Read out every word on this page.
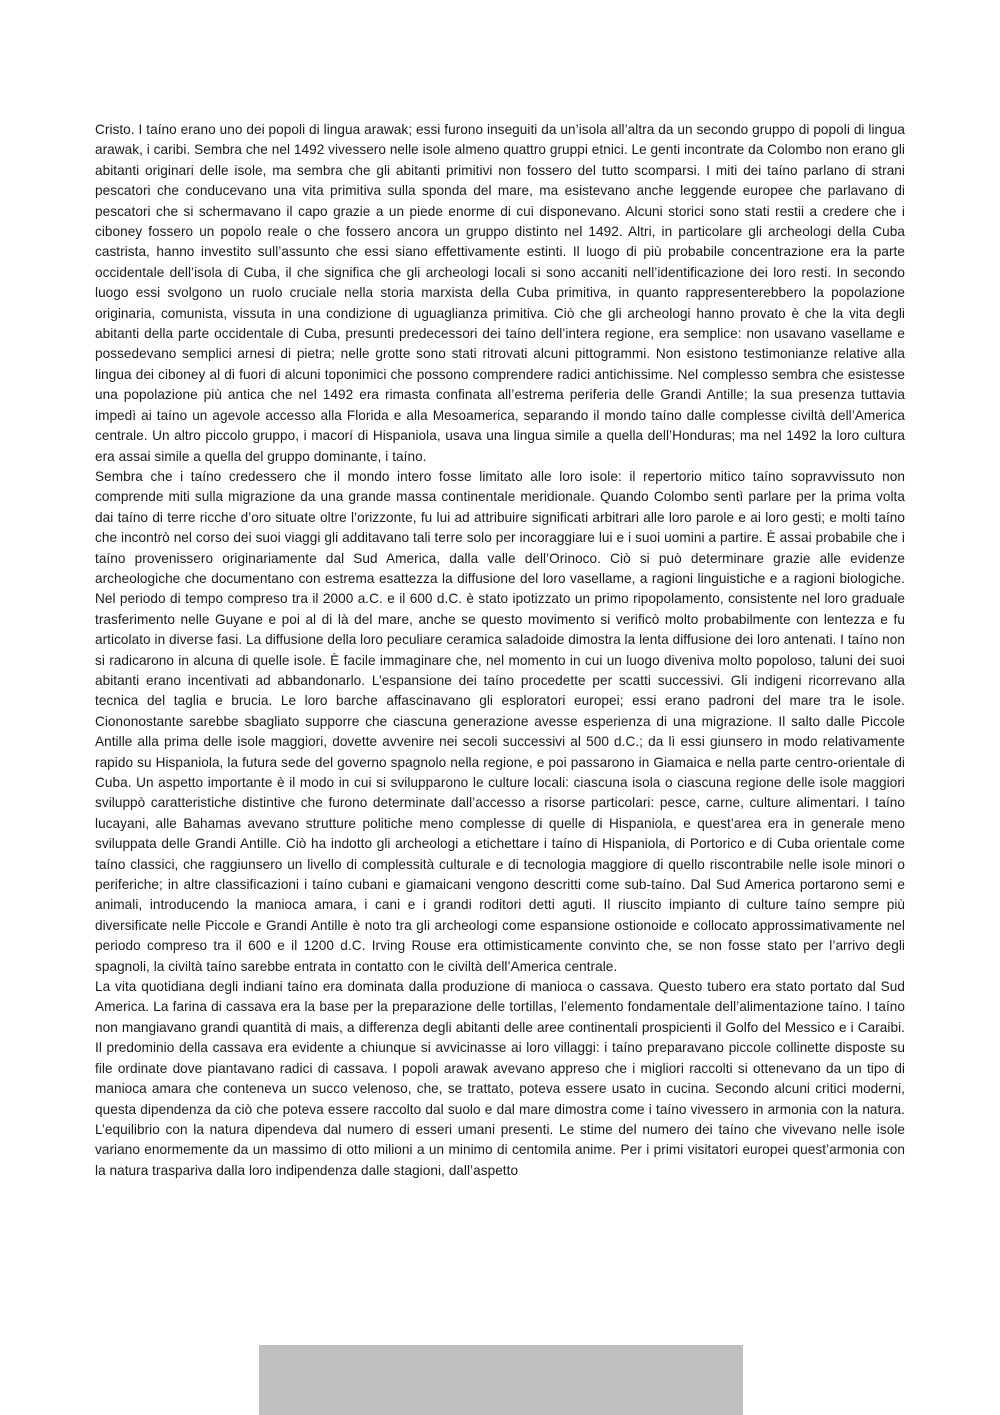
Cristo. I taíno erano uno dei popoli di lingua arawak; essi furono inseguiti da un’isola all’altra da un secondo gruppo di popoli di lingua arawak, i caribi. Sembra che nel 1492 vivessero nelle isole almeno quattro gruppi etnici. Le genti incontrate da Colombo non erano gli abitanti originari delle isole, ma sembra che gli abitanti primitivi non fossero del tutto scomparsi. I miti dei taíno parlano di strani pescatori che conducevano una vita primitiva sulla sponda del mare, ma esistevano anche leggende europee che parlavano di pescatori che si schermavano il capo grazie a un piede enorme di cui disponevano. Alcuni storici sono stati restii a credere che i ciboney fossero un popolo reale o che fossero ancora un gruppo distinto nel 1492. Altri, in particolare gli archeologi della Cuba castrista, hanno investito sull’assunto che essi siano effettivamente estinti. Il luogo di più probabile concentrazione era la parte occidentale dell’isola di Cuba, il che significa che gli archeologi locali si sono accaniti nell’identificazione dei loro resti. In secondo luogo essi svolgono un ruolo cruciale nella storia marxista della Cuba primitiva, in quanto rappresenterebbero la popolazione originaria, comunista, vissuta in una condizione di uguaglianza primitiva. Ciò che gli archeologi hanno provato è che la vita degli abitanti della parte occidentale di Cuba, presunti predecessori dei taíno dell’intera regione, era semplice: non usavano vasellame e possedevano semplici arnesi di pietra; nelle grotte sono stati ritrovati alcuni pittogrammi. Non esistono testimonianze relative alla lingua dei ciboney al di fuori di alcuni toponimici che possono comprendere radici antichissime. Nel complesso sembra che esistesse una popolazione più antica che nel 1492 era rimasta confinata all’estrema periferia delle Grandi Antille; la sua presenza tuttavia impedì ai taíno un agevole accesso alla Florida e alla Mesoamerica, separando il mondo taíno dalle complesse civiltà dell’America centrale. Un altro piccolo gruppo, i macorí di Hispaniola, usava una lingua simile a quella dell’Honduras; ma nel 1492 la loro cultura era assai simile a quella del gruppo dominante, i taíno.

Sembra che i taíno credessero che il mondo intero fosse limitato alle loro isole: il repertorio mitico taíno sopravvissuto non comprende miti sulla migrazione da una grande massa continentale meridionale. Quando Colombo sentì parlare per la prima volta dai taíno di terre ricche d’oro situate oltre l’orizzonte, fu lui ad attribuire significati arbitrari alle loro parole e ai loro gesti; e molti taíno che incontrò nel corso dei suoi viaggi gli additavano tali terre solo per incoraggiare lui e i suoi uomini a partire. È assai probabile che i taíno provenissero originariamente dal Sud America, dalla valle dell’Orinoco. Ciò si può determinare grazie alle evidenze archeologiche che documentano con estrema esattezza la diffusione del loro vasellame, a ragioni linguistiche e a ragioni biologiche. Nel periodo di tempo compreso tra il 2000 a.C. e il 600 d.C. è stato ipotizzato un primo ripopolamento, consistente nel loro graduale trasferimento nelle Guyane e poi al di là del mare, anche se questo movimento si verificò molto probabilmente con lentezza e fu articolato in diverse fasi. La diffusione della loro peculiare ceramica saladoide dimostra la lenta diffusione dei loro antenati. I taíno non si radicarono in alcuna di quelle isole. È facile immaginare che, nel momento in cui un luogo diveniva molto popoloso, taluni dei suoi abitanti erano incentivati ad abbandonarlo. L’espansione dei taíno procedette per scatti successivi. Gli indigeni ricorrevano alla tecnica del taglia e brucia. Le loro barche affascinavano gli esploratori europei; essi erano padroni del mare tra le isole. Ciononostante sarebbe sbagliato supporre che ciascuna generazione avesse esperienza di una migrazione. Il salto dalle Piccole Antille alla prima delle isole maggiori, dovette avvenire nei secoli successivi al 500 d.C.; da lì essi giunsero in modo relativamente rapido su Hispaniola, la futura sede del governo spagnolo nella regione, e poi passarono in Giamaica e nella parte centro-orientale di Cuba. Un aspetto importante è il modo in cui si svilupparono le culture locali: ciascuna isola o ciascuna regione delle isole maggiori sviluppò caratteristiche distintive che furono determinate dall’accesso a risorse particolari: pesce, carne, culture alimentari. I taíno lucayani, alle Bahamas avevano strutture politiche meno complesse di quelle di Hispaniola, e quest’area era in generale meno sviluppata delle Grandi Antille. Ciò ha indotto gli archeologi a etichettare i taíno di Hispaniola, di Portorico e di Cuba orientale come taíno classici, che raggiunsero un livello di complessità culturale e di tecnologia maggiore di quello riscontrabile nelle isole minori o periferiche; in altre classificazioni i taíno cubani e giamaicani vengono descritti come sub-taíno. Dal Sud America portarono semi e animali, introducendo la manioca amara, i cani e i grandi roditori detti aguti. Il riuscito impianto di culture taíno sempre più diversificate nelle Piccole e Grandi Antille è noto tra gli archeologi come espansione ostionoide e collocato approssimativamente nel periodo compreso tra il 600 e il 1200 d.C. Irving Rouse era ottimisticamente convinto che, se non fosse stato per l’arrivo degli spagnoli, la civiltà taíno sarebbe entrata in contatto con le civiltà dell’America centrale.

La vita quotidiana degli indiani taíno era dominata dalla produzione di manioca o cassava. Questo tubero era stato portato dal Sud America. La farina di cassava era la base per la preparazione delle tortillas, l’elemento fondamentale dell’alimentazione taíno. I taíno non mangiavano grandi quantità di mais, a differenza degli abitanti delle aree continentali prospicienti il Golfo del Messico e i Caraibi. Il predominio della cassava era evidente a chiunque si avvicinasse ai loro villaggi: i taíno preparavano piccole collinette disposte su file ordinate dove piantavano radici di cassava. I popoli arawak avevano appreso che i migliori raccolti si ottenevano da un tipo di manioca amara che conteneva un succo velenoso, che, se trattato, poteva essere usato in cucina. Secondo alcuni critici moderni, questa dipendenza da ciò che poteva essere raccolto dal suolo e dal mare dimostra come i taíno vivessero in armonia con la natura. L’equilibrio con la natura dipendeva dal numero di esseri umani presenti. Le stime del numero dei taíno che vivevano nelle isole variano enormemente da un massimo di otto milioni a un minimo di centomila anime. Per i primi visitatori europei quest’armonia con la natura traspariva dalla loro indipendenza dalle stagioni, dall’aspetto
